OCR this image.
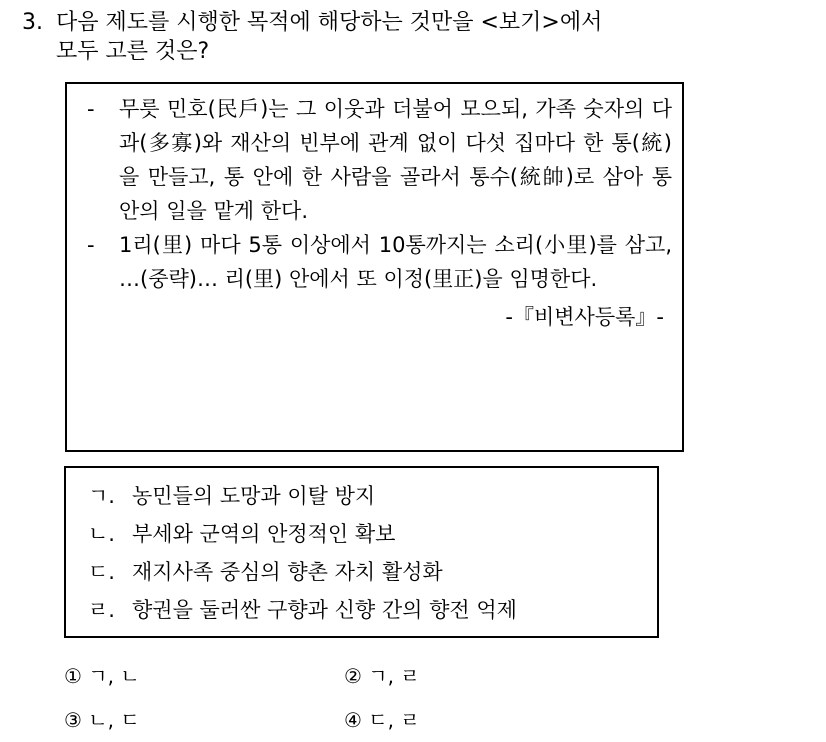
3. 다음 제도를 시행한 목적에 해당하는 것만을 <보기>에서
모두 고른 것은?
- 무릇 민호(民戶)는 그 이웃과 더불어 모으되, 가족 숫자의 다과(多寡)와 재산의 빈부에 관계 없이 다섯 집마다 한 통(統)을 만들고, 통 안에 한 사람을 골라서 통수(統帥)로 삼아 통 안의 일을 맡게 한다.
- 1리(里) 마다 5통 이상에서 10통까지는 소리(小里)를 삼고, …(중략)… 리(里) 안에서 또 이정(里正)을 임명한다.
-『비변사등록』-
ㄱ. 농민들의 도망과 이탈 방지
ㄴ. 부세와 군역의 안정적인 확보
ㄷ. 재지사족 중심의 향촌 자치 활성화
ㄹ. 향권을 둘러싼 구향과 신향 간의 향전 억제
① ㄱ, ㄴ	② ㄱ, ㄹ
③ ㄴ, ㄷ	④ ㄷ, ㄹ
